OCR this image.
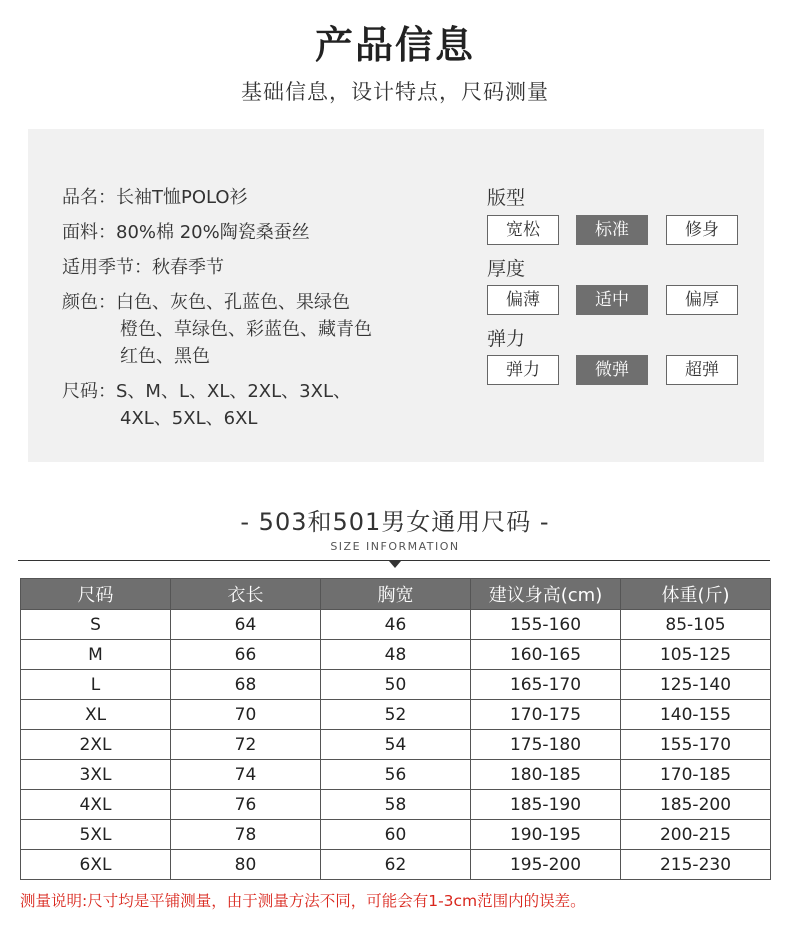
产品信息
基础信息，设计特点，尺码测量
品名：长袖T恤POLO衫
面料：80%棉 20%陶瓷桑蚕丝
适用季节：秋春季节
颜色：白色、灰色、孔蓝色、果绿色
橙色、草绿色、彩蓝色、藏青色
红色、黑色
尺码：S、M、L、XL、2XL、3XL、
4XL、5XL、6XL
版型
宽松	标准	修身
厚度
偏薄	适中	偏厚
弹力
弹力	微弹	超弹
- 503和501男女通用尺码 -
SIZE INFORMATION
尺码	衣长	胸宽	建议身高(cm)	体重(斤)
S	64	46	155-160	85-105
M	66	48	160-165	105-125
L	68	50	165-170	125-140
XL	70	52	170-175	140-155
2XL	72	54	175-180	155-170
3XL	74	56	180-185	170-185
4XL	76	58	185-190	185-200
5XL	78	60	190-195	200-215
6XL	80	62	195-200	215-230
测量说明:尺寸均是平铺测量，由于测量方法不同，可能会有1-3cm范围内的误差。
